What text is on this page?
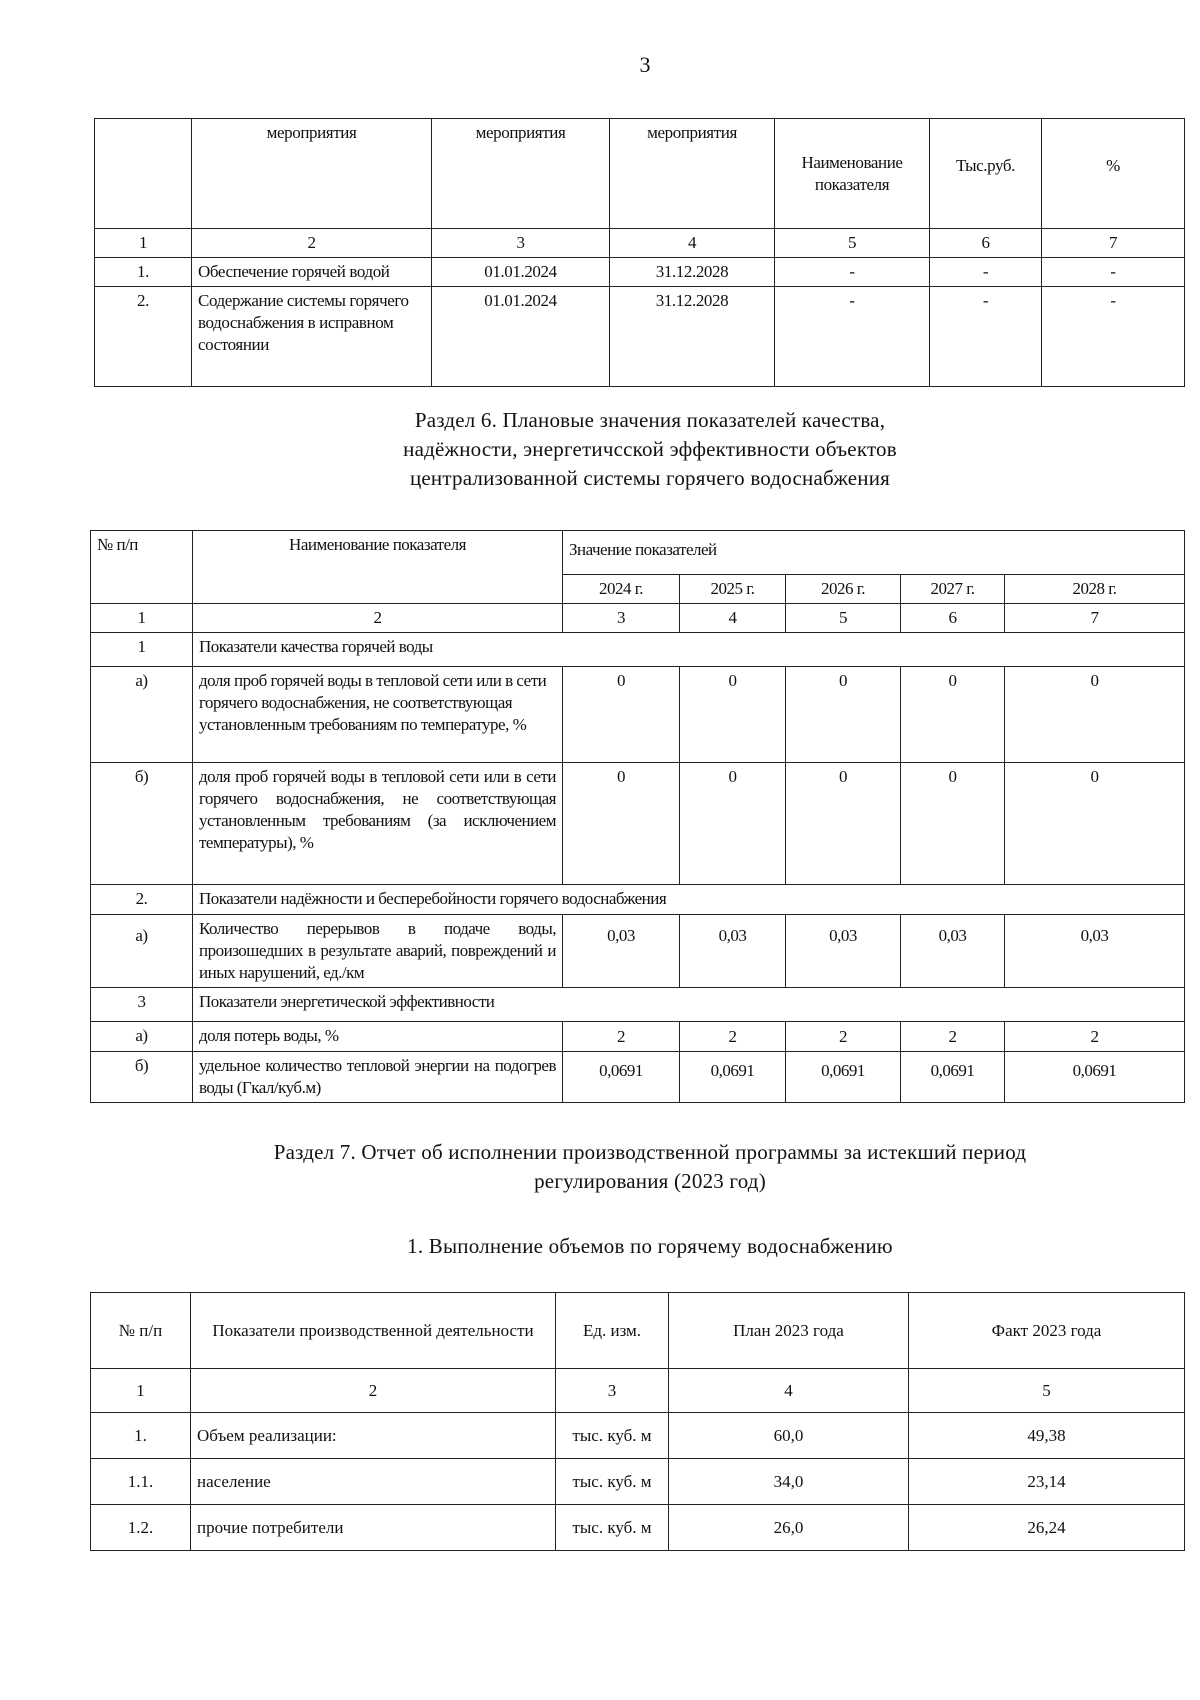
3
	мероприятия	мероприятия	мероприятия	Наименование показателя	Тыс.руб.	%
1	2	3	4	5	6	7
1.	Обеспечение горячей водой	01.01.2024	31.12.2028	-	-	-
2.	Содержание системы горячего водоснабжения в исправном состоянии	01.01.2024	31.12.2028	-	-	-
Раздел 6. Плановые значения показателей качества,
надёжности, энергетичсской эффективности объектов
централизованной системы горячего водоснабжения
№ п/п	Наименование показателя	Значение показателей				
		2024 г.	2025 г.	2026 г.	2027 г.	2028 г.
1	2	3	4	5	6	7
1	Показатели качества горячей воды					
а)	доля проб горячей воды в тепловой сети или в сети горячего водоснабжения, не соответствующая установленным требованиям по температуре, %	0	0	0	0	0
б)	доля проб горячей воды в тепловой сети или в сети горячего водоснабжения, не соответствующая установленным требованиям (за исключением температуры), %	0	0	0	0	0
2.	Показатели надёжности и бесперебойности горячего водоснабжения					
а)	Количество перерывов в подаче воды, произошедших в результате аварий, повреждений и иных нарушений, ед./км	0,03	0,03	0,03	0,03	0,03
3	Показатели энергетической эффективности					
а)	доля потерь воды, %	2	2	2	2	2
б)	удельное количество тепловой энергии на подогрев воды (Гкал/куб.м)	0,0691	0,0691	0,0691	0,0691	0,0691
Раздел 7. Отчет об исполнении производственной программы за истекший период
регулирования (2023 год)
1. Выполнение объемов по горячему водоснабжению
№ п/п	Показатели производственной деятельности	Ед. изм.	План 2023 года	Факт 2023 года
1	2	3	4	5
1.	Объем реализации:	тыс. куб. м	60,0	49,38
1.1.	население	тыс. куб. м	34,0	23,14
1.2.	прочие потребители	тыс. куб. м	26,0	26,24
